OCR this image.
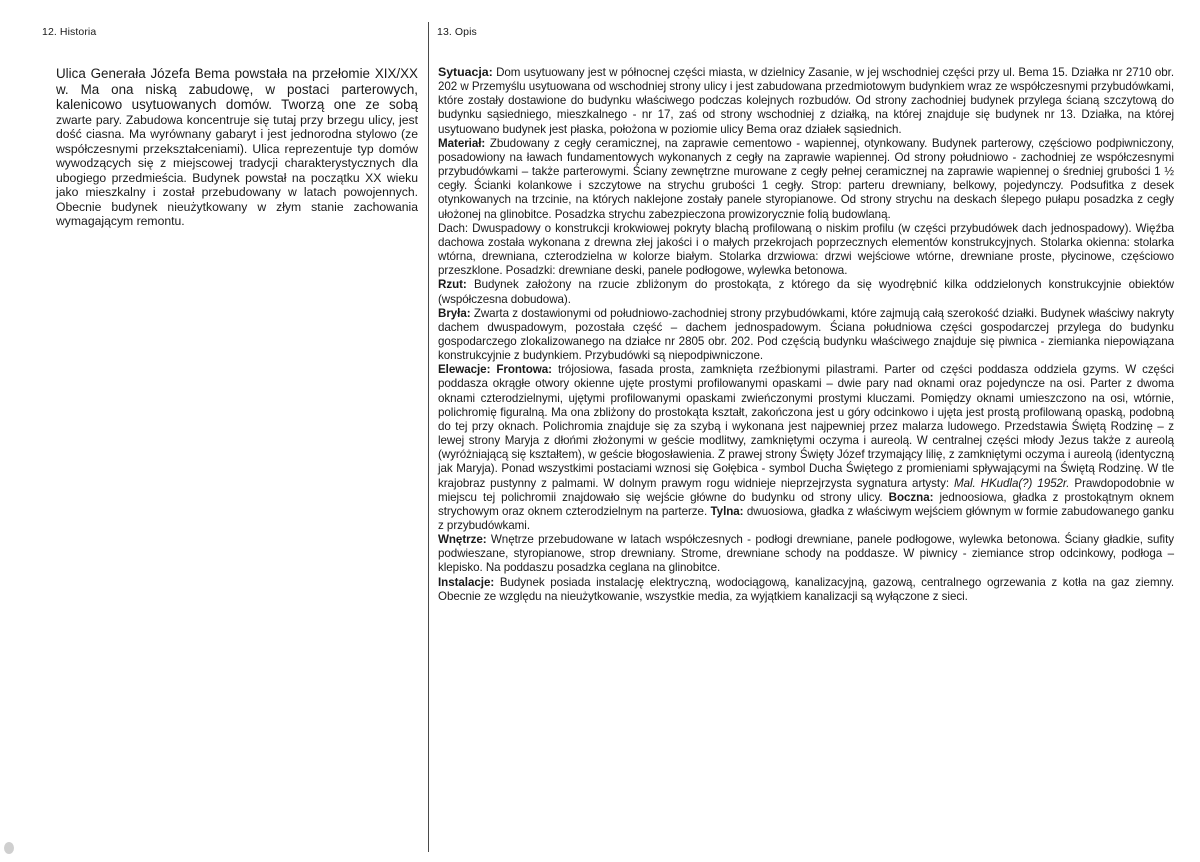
12. Historia	13. Opis
Ulica Generała Józefa Bema powstała na przełomie XIX/XX w. Ma ona niską zabudowę, w postaci parterowych, kalenicowo usytuowanych domów. Tworzą one ze sobą zwarte pary. Zabudowa koncentruje się tutaj przy brzegu ulicy, jest dość ciasna. Ma wyrównany gabaryt i jest jednorodna stylowo (ze współczesnymi przekształceniami). Ulica reprezentuje typ domów wywodzących się z miejscowej tradycji charakterystycznych dla ubogiego przedmieścia. Budynek powstał na początku XX wieku jako mieszkalny i został przebudowany w latach powojennych. Obecnie budynek nieużytkowany w złym stanie zachowania wymagającym remontu.

Sytuacja: Dom usytuowany jest w północnej części miasta, w dzielnicy Zasanie, w jej wschodniej części przy ul. Bema 15. Działka nr 2710 obr. 202 w Przemyślu usytuowana od wschodniej strony ulicy i jest zabudowana przedmiotowym budynkiem wraz ze współczesnymi przybudówkami, które zostały dostawione do budynku właściwego podczas kolejnych rozbudów. Od strony zachodniej budynek przylega ścianą szczytową do budynku sąsiedniego, mieszkalnego - nr 17, zaś od strony wschodniej z działką, na której znajduje się budynek nr 13. Działka, na której usytuowano budynek jest płaska, położona w poziomie ulicy Bema oraz działek sąsiednich.

Materiał: Zbudowany z cegły ceramicznej, na zaprawie cementowo - wapiennej, otynkowany. Budynek parterowy, częściowo podpiwniczony, posadowiony na ławach fundamentowych wykonanych z cegły na zaprawie wapiennej. Od strony południowo - zachodniej ze współczesnymi przybudówkami – także parterowymi. Ściany zewnętrzne murowane z cegły pełnej ceramicznej na zaprawie wapiennej o średniej grubości 1 ½ cegły. Ścianki kolankowe i szczytowe na strychu grubości 1 cegły. Strop: parteru drewniany, belkowy, pojedynczy. Podsufitka z desek otynkowanych na trzcinie, na których naklejone zostały panele styropianowe. Od strony strychu na deskach ślepego pułapu posadzka z cegły ułożonej na glinobitce. Posadzka strychu zabezpieczona prowizorycznie folią budowlaną.

Dach: Dwuspadowy o konstrukcji krokwiowej pokryty blachą profilowaną o niskim profilu (w części przybudówek dach jednospadowy). Więźba dachowa została wykonana z drewna złej jakości i o małych przekrojach poprzecznych elementów konstrukcyjnych. Stolarka okienna: stolarka wtórna, drewniana, czterodzielna w kolorze białym. Stolarka drzwiowa: drzwi wejściowe wtórne, drewniane proste, płycinowe, częściowo przeszklone. Posadzki: drewniane deski, panele podłogowe, wylewka betonowa.

Rzut: Budynek założony na rzucie zbliżonym do prostokąta, z którego da się wyodrębnić kilka oddzielonych konstrukcyjnie obiektów (współczesna dobudowa).

Bryła: Zwarta z dostawionymi od południowo-zachodniej strony przybudówkami, które zajmują całą szerokość działki. Budynek właściwy nakryty dachem dwuspadowym, pozostała część – dachem jednospadowym. Ściana południowa części gospodarczej przylega do budynku gospodarczego zlokalizowanego na działce nr 2805 obr. 202. Pod częścią budynku właściwego znajduje się piwnica - ziemianka niepowiązana konstrukcyjnie z budynkiem. Przybudówki są niepodpiwniczone.

Elewacje: Frontowa: trójosiowa, fasada prosta, zamknięta rzeźbionymi pilastrami. Parter od części poddasza oddziela gzyms. W części poddasza okrągłe otwory okienne ujęte prostymi profilowanymi opaskami – dwie pary nad oknami oraz pojedyncze na osi. Parter z dwoma oknami czterodzielnymi, ujętymi profilowanymi opaskami zwieńczonymi prostymi kluczami. Pomiędzy oknami umieszczono na osi, wtórnie, polichromię figuralną. Ma ona zbliżony do prostokąta kształt, zakończona jest u góry odcinkowo i ujęta jest prostą profilowaną opaską, podobną do tej przy oknach. Polichromia znajduje się za szybą i wykonana jest najpewniej przez malarza ludowego. Przedstawia Świętą Rodzinę – z lewej strony Maryja z dłońmi złożonymi w geście modlitwy, zamkniętymi oczyma i aureolą. W centralnej części młody Jezus także z aureolą (wyróżniającą się kształtem), w geście błogosławienia. Z prawej strony Święty Józef trzymający lilię, z zamkniętymi oczyma i aureolą (identyczną jak Maryja). Ponad wszystkimi postaciami wznosi się Gołębica - symbol Ducha Świętego z promieniami spływającymi na Świętą Rodzinę. W tle krajobraz pustynny z palmami. W dolnym prawym rogu widnieje nieprzejrzysta sygnatura artysty: Mal. HKudla(?) 1952r. Prawdopodobnie w miejscu tej polichromii znajdowało się wejście główne do budynku od strony ulicy. Boczna: jednoosiowa, gładka z prostokątnym oknem strychowym oraz oknem czterodzielnym na parterze. Tylna: dwuosiowa, gładka z właściwym wejściem głównym w formie zabudowanego ganku z przybudówkami.

Wnętrze: Wnętrze przebudowane w latach współczesnych - podłogi drewniane, panele podłogowe, wylewka betonowa. Ściany gładkie, sufity podwieszane, styropianowe, strop drewniany. Strome, drewniane schody na poddasze. W piwnicy - ziemiance strop odcinkowy, podłoga – klepisko. Na poddaszu posadzka ceglana na glinobitce.

Instalacje: Budynek posiada instalację elektryczną, wodociągową, kanalizacyjną, gazową, centralnego ogrzewania z kotła na gaz ziemny. Obecnie ze względu na nieużytkowanie, wszystkie media, za wyjątkiem kanalizacji są wyłączone z sieci.
